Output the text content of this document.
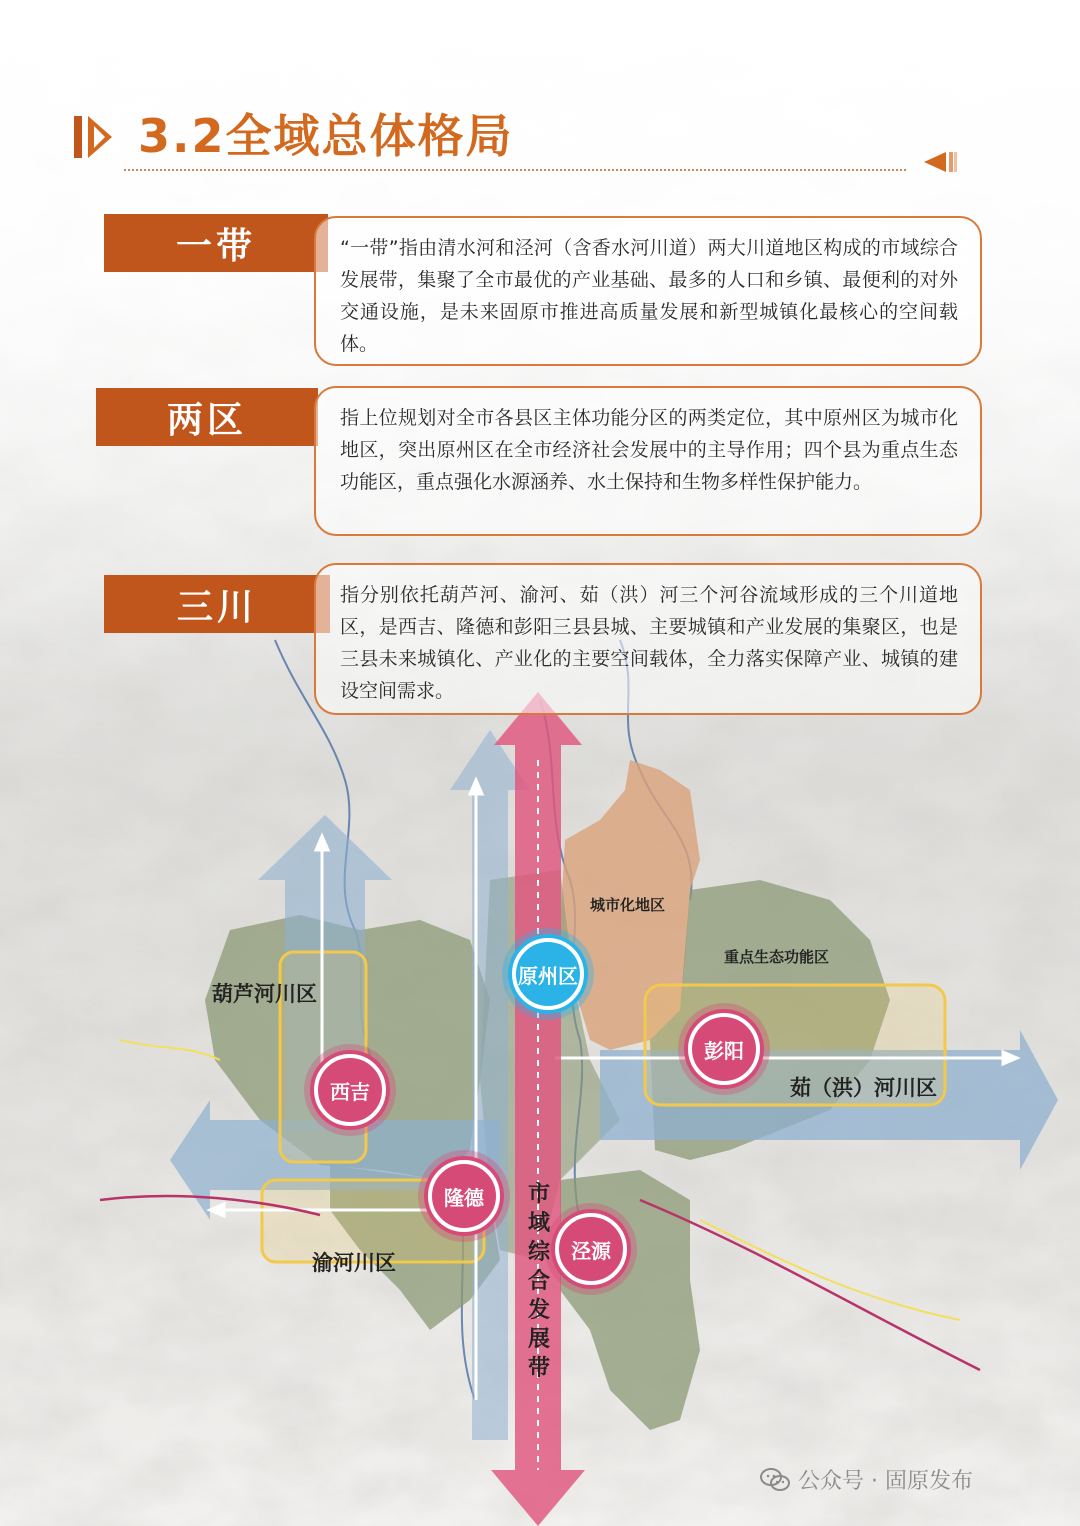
3.2全域总体格局
一带	“一带”指由清水河和泾河（含香水河川道）两大川道地区构成的市域综合发展带，集聚了全市最优的产业基础、最多的人口和乡镇、最便利的对外交通设施，是未来固原市推进高质量发展和新型城镇化最核心的空间载体。
两区	指上位规划对全市各县区主体功能分区的两类定位，其中原州区为城市化地区，突出原州区在全市经济社会发展中的主导作用；四个县为重点生态功能区，重点强化水源涵养、水土保持和生物多样性保护能力。
三川	指分别依托葫芦河、渝河、茹（洪）河三个河谷流域形成的三个川道地区，是西吉、隆德和彭阳三县县城、主要城镇和产业发展的集聚区，也是三县未来城镇化、产业化的主要空间载体，全力落实保障产业、城镇的建设空间需求。
城市化地区
重点生态功能区
葫芦河川区
渝河川区
茹（洪）河川区
原州区
西吉
隆德
泾源
彭阳
市
域
综
合
发
展
带
公众号 · 固原发布
